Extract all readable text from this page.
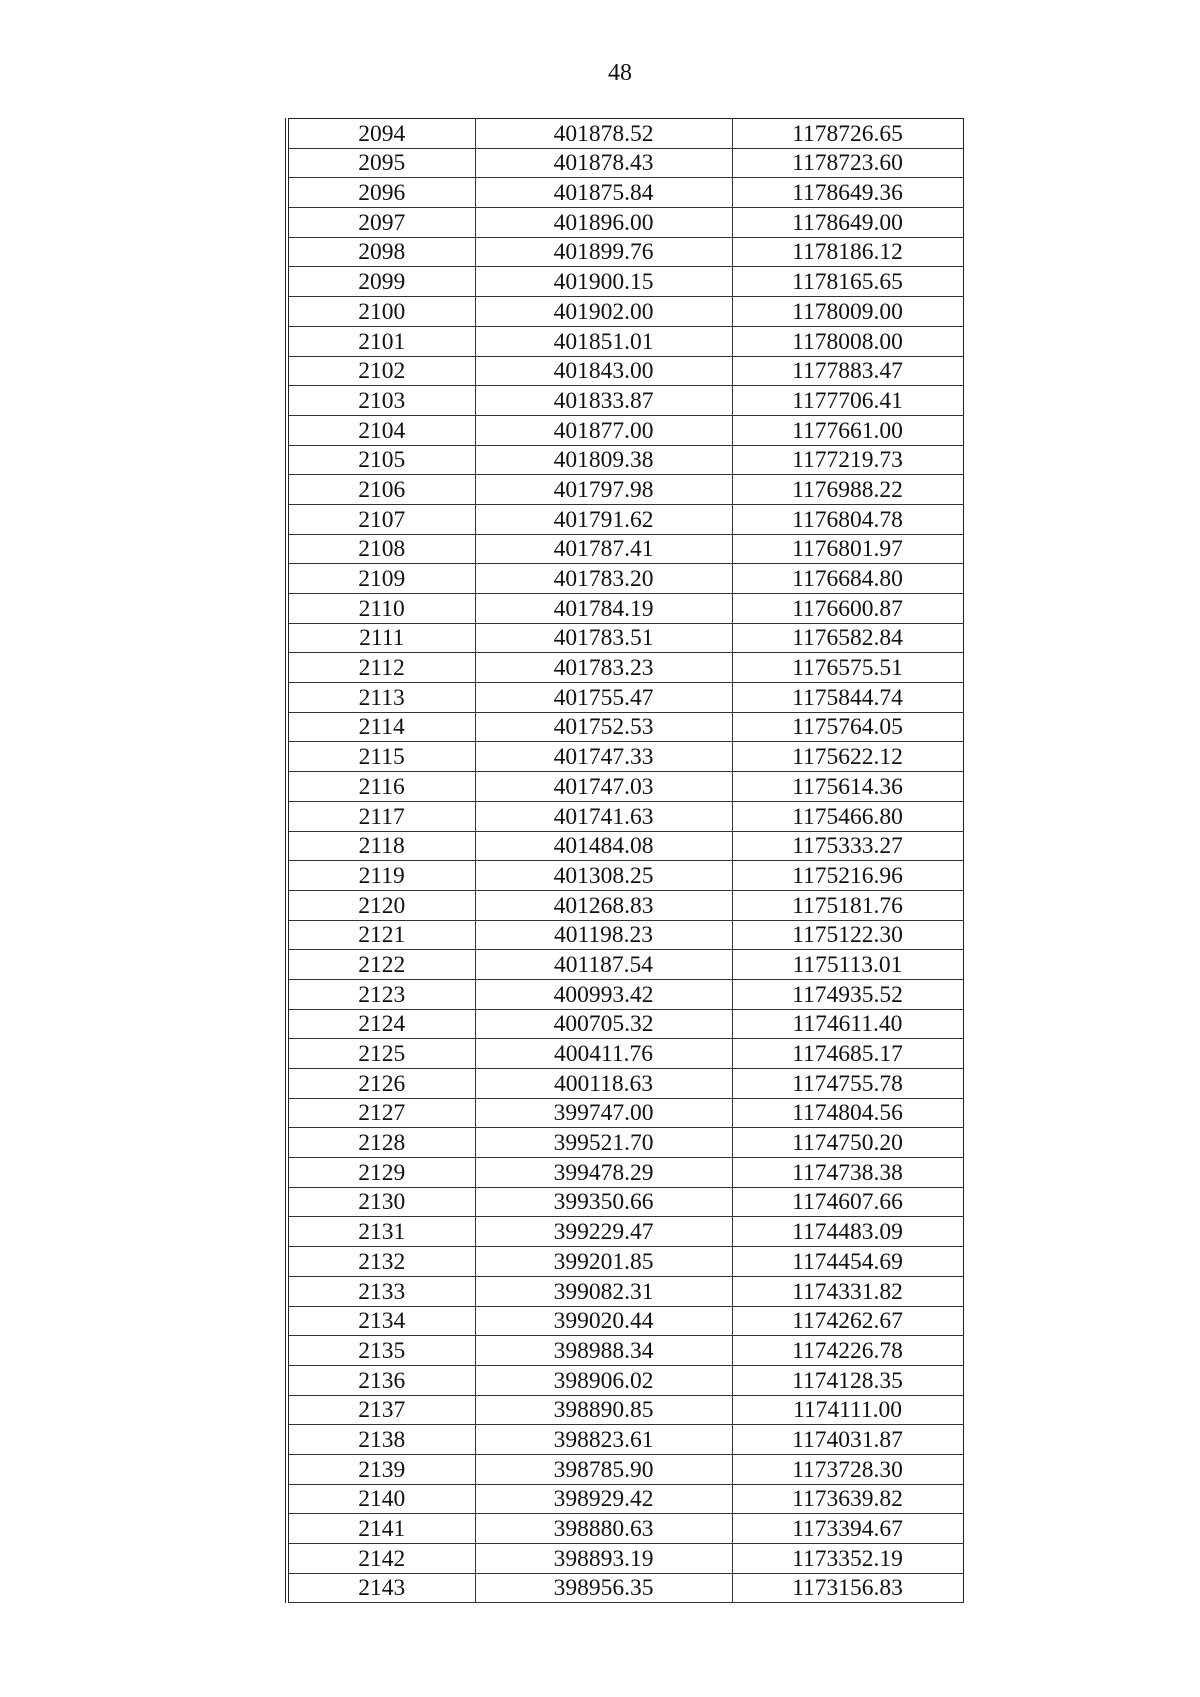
48
2094	401878.52	1178726.65
2095	401878.43	1178723.60
2096	401875.84	1178649.36
2097	401896.00	1178649.00
2098	401899.76	1178186.12
2099	401900.15	1178165.65
2100	401902.00	1178009.00
2101	401851.01	1178008.00
2102	401843.00	1177883.47
2103	401833.87	1177706.41
2104	401877.00	1177661.00
2105	401809.38	1177219.73
2106	401797.98	1176988.22
2107	401791.62	1176804.78
2108	401787.41	1176801.97
2109	401783.20	1176684.80
2110	401784.19	1176600.87
2111	401783.51	1176582.84
2112	401783.23	1176575.51
2113	401755.47	1175844.74
2114	401752.53	1175764.05
2115	401747.33	1175622.12
2116	401747.03	1175614.36
2117	401741.63	1175466.80
2118	401484.08	1175333.27
2119	401308.25	1175216.96
2120	401268.83	1175181.76
2121	401198.23	1175122.30
2122	401187.54	1175113.01
2123	400993.42	1174935.52
2124	400705.32	1174611.40
2125	400411.76	1174685.17
2126	400118.63	1174755.78
2127	399747.00	1174804.56
2128	399521.70	1174750.20
2129	399478.29	1174738.38
2130	399350.66	1174607.66
2131	399229.47	1174483.09
2132	399201.85	1174454.69
2133	399082.31	1174331.82
2134	399020.44	1174262.67
2135	398988.34	1174226.78
2136	398906.02	1174128.35
2137	398890.85	1174111.00
2138	398823.61	1174031.87
2139	398785.90	1173728.30
2140	398929.42	1173639.82
2141	398880.63	1173394.67
2142	398893.19	1173352.19
2143	398956.35	1173156.83
